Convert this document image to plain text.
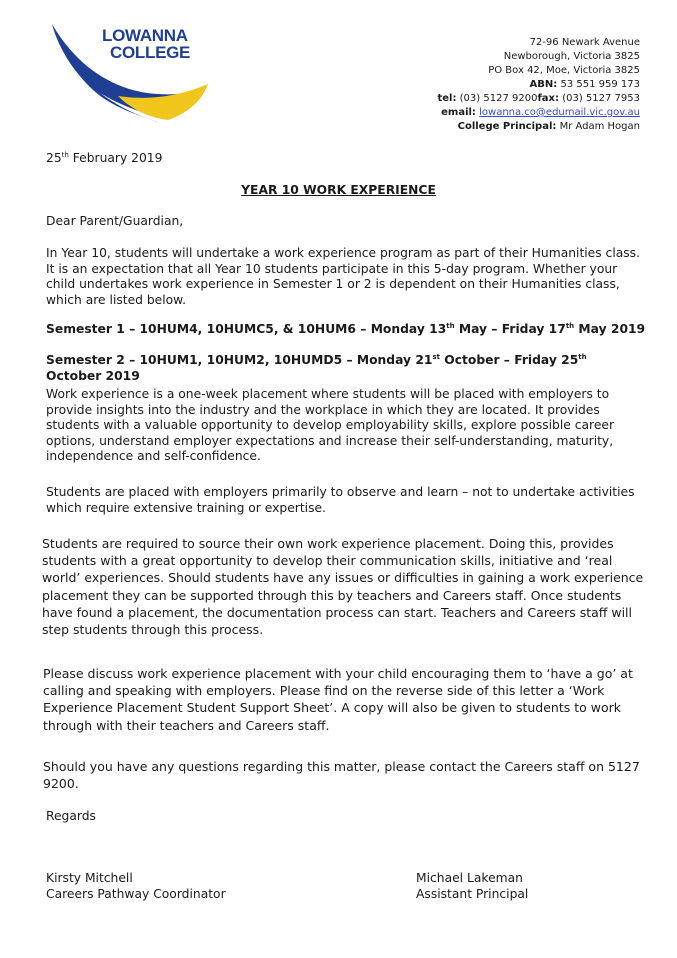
LOWANNA
COLLEGE
72-96 Newark Avenue
Newborough, Victoria 3825
PO Box 42, Moe, Victoria 3825
ABN: 53 551 959 173
tel: (03) 5127 9200fax: (03) 5127 7953
email: lowanna.co@edumail.vic.gov.au
College Principal: Mr Adam Hogan
25th February 2019
YEAR 10 WORK EXPERIENCE
Dear Parent/Guardian,
In Year 10, students will undertake a work experience program as part of their Humanities class. It is an expectation that all Year 10 students participate in this 5-day program. Whether your child undertakes work experience in Semester 1 or 2 is dependent on their Humanities class, which are listed below.
Semester 1 – 10HUM4, 10HUMC5, & 10HUM6 – Monday 13th May – Friday 17th May 2019
Semester 2 – 10HUM1, 10HUM2, 10HUMD5 – Monday 21st October – Friday 25th October 2019
Work experience is a one-week placement where students will be placed with employers to provide insights into the industry and the workplace in which they are located. It provides students with a valuable opportunity to develop employability skills, explore possible career options, understand employer expectations and increase their self-understanding, maturity, independence and self-confidence.
Students are placed with employers primarily to observe and learn – not to undertake activities which require extensive training or expertise.
Students are required to source their own work experience placement. Doing this, provides students with a great opportunity to develop their communication skills, initiative and ‘real world’ experiences. Should students have any issues or difficulties in gaining a work experience placement they can be supported through this by teachers and Careers staff. Once students have found a placement, the documentation process can start. Teachers and Careers staff will step students through this process.
Please discuss work experience placement with your child encouraging them to ‘have a go’ at calling and speaking with employers. Please find on the reverse side of this letter a ‘Work Experience Placement Student Support Sheet’. A copy will also be given to students to work through with their teachers and Careers staff.
Should you have any questions regarding this matter, please contact the Careers staff on 5127 9200.
Regards
Kirsty Mitchell
Careers Pathway Coordinator
Michael Lakeman
Assistant Principal
